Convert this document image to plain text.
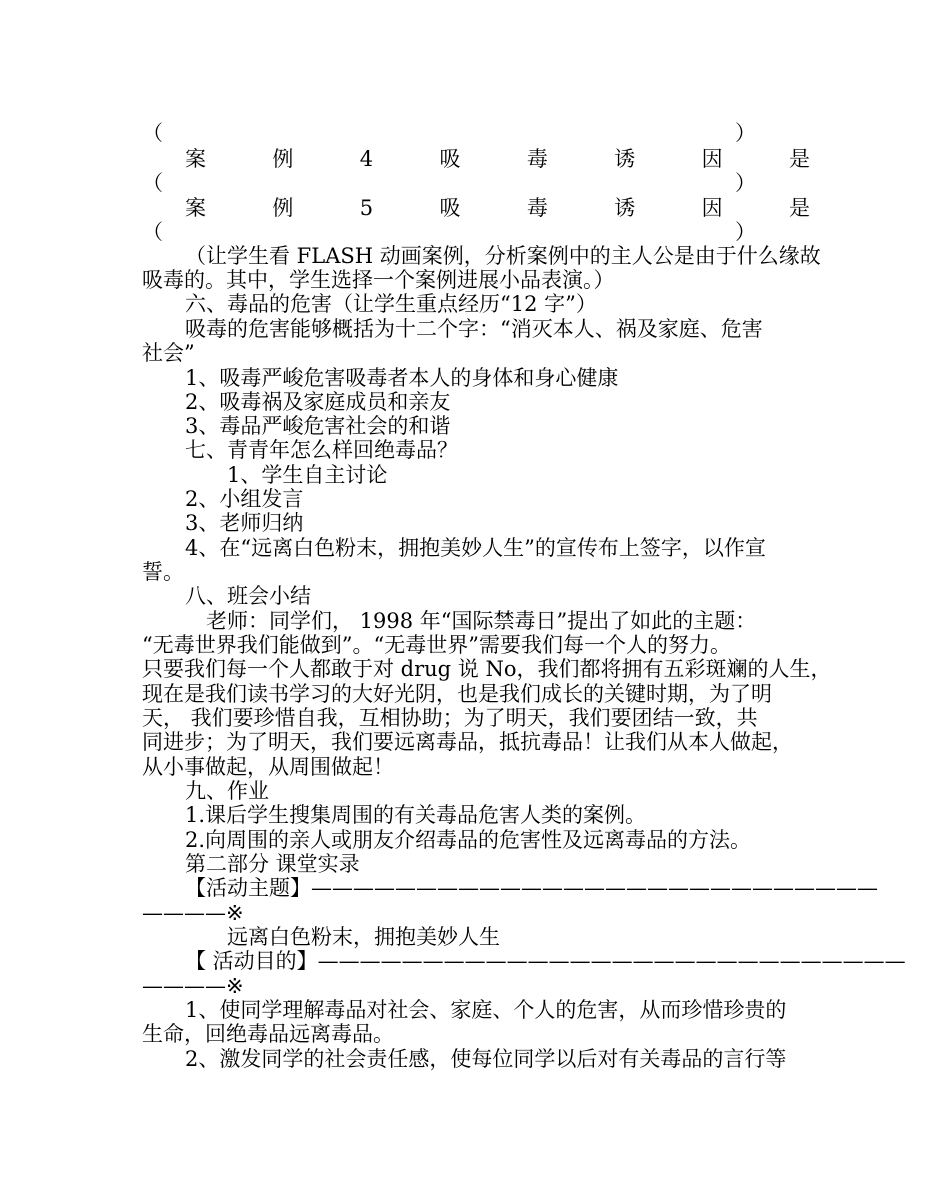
（	）
案	例	4	吸	毒	诱	因	是
（	）
案	例	5	吸	毒	诱	因	是
（	）
（让学生看 FLASH 动画案例，分析案例中的主人公是由于什么缘故
吸毒的。其中，学生选择一个案例进展小品表演。）
六、毒品的危害（让学生重点经历“12 字”）
吸毒的危害能够概括为十二个字：“消灭本人、祸及家庭、危害
社会”
1、吸毒严峻危害吸毒者本人的身体和身心健康
2、吸毒祸及家庭成员和亲友
3、毒品严峻危害社会的和谐
七、青青年怎么样回绝毒品？
1、学生自主讨论
2、小组发言
3、老师归纳
4、在“远离白色粉末，拥抱美妙人生”的宣传布上签字，以作宣
誓。
八、班会小结
老师：同学们， 1998 年“国际禁毒日”提出了如此的主题：
“无毒世界我们能做到”。“无毒世界”需要我们每一个人的努力。
只要我们每一个人都敢于对 drug 说 No，我们都将拥有五彩斑斓的人生，
现在是我们读书学习的大好光阴，也是我们成长的关键时期，为了明
天， 我们要珍惜自我，互相协助；为了明天，我们要团结一致，共
同进步；为了明天，我们要远离毒品，抵抗毒品！让我们从本人做起，
从小事做起，从周围做起！
九、作业
1.课后学生搜集周围的有关毒品危害人类的案例。
2.向周围的亲人或朋友介绍毒品的危害性及远离毒品的方法。
第二部分 课堂实录
【活动主题】———————————————————————————
————※
远离白色粉末，拥抱美妙人生
【 活动目的】————————————————————————————
————※
1、使同学理解毒品对社会、家庭、个人的危害，从而珍惜珍贵的
生命，回绝毒品远离毒品。
2、激发同学的社会责任感，使每位同学以后对有关毒品的言行等
